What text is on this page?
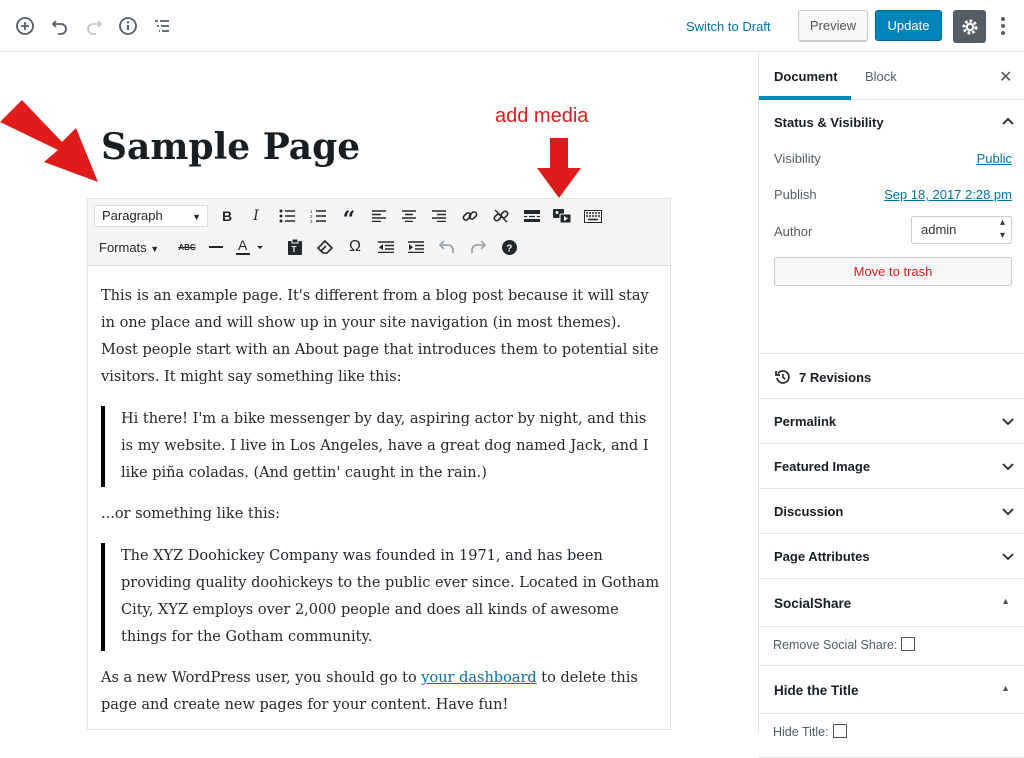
Switch to Draft	Preview	Update
Sample Page
add media
Paragraph	▼	B	I	1
2
3 “
Formats ▼	ABC	A	T	Ω	?

This is an example page. It's different from a blog post because it will stay in one place and will show up in your site navigation (in most themes). Most people start with an About page that introduces them to potential site visitors. It might say something like this:

Hi there! I'm a bike messenger by day, aspiring actor by night, and this is my website. I live in Los Angeles, have a great dog named Jack, and I like piña coladas. (And gettin' caught in the rain.)

...or something like this:

The XYZ Doohickey Company was founded in 1971, and has been providing quality doohickeys to the public ever since. Located in Gotham City, XYZ employs over 2,000 people and does all kinds of awesome things for the Gotham community.

As a new WordPress user, you should go to your dashboard to delete this page and create new pages for your content. Have fun!

Document Block	✕
Status & Visibility
Visibility	Public
Publish	Sep 18, 2017 2:28 pm
Author	admin	▴
▾
Move to trash
7 Revisions
Permalink
Featured Image
Discussion
Page Attributes
SocialShare	▲
Remove Social Share:
Hide the Title	▲
Hide Title:
